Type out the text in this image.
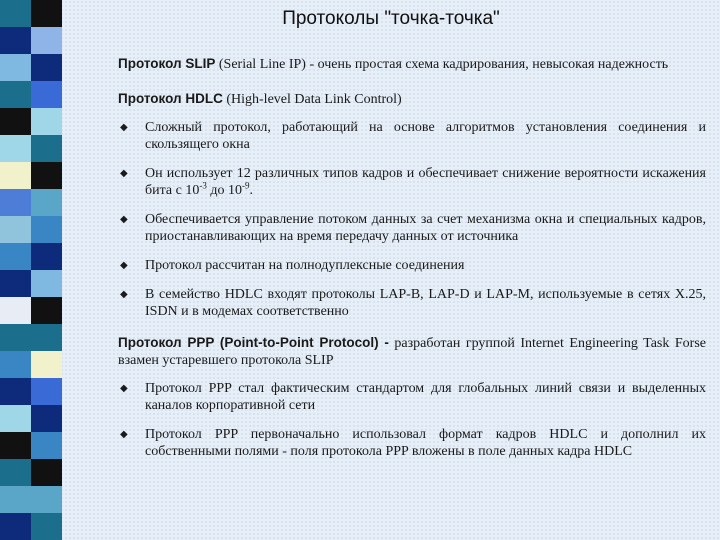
Протоколы "точка-точка"

Протокол SLIP (Serial Line IP) - очень простая схема кадрирования, невысокая надежность

Протокол HDLC (High-level Data Link Control)

◆ Сложный протокол, работающий на основе алгоритмов установления соединения и скользящего окна
◆ Он использует 12 различных типов кадров и обеспечивает снижение вероятности искажения бита с $10^{-3}$ до $10^{-9}$.
◆ Обеспечивается управление потоком данных за счет механизма окна и специальных кадров, приостанавливающих на время передачу данных от источника
◆ Протокол рассчитан на полнодуплексные соединения
◆ В семейство HDLC входят протоколы LAP-B, LAP-D и LAP-M, используемые в сетях X.25, ISDN и в модемах соответственно

Протокол PPP (Point-to-Point Protocol) - разработан группой Internet Engineering Task Forse взамен устаревшего протокола SLIP

◆ Протокол PPP стал фактическим стандартом для глобальных линий связи и выделенных каналов корпоративной сети
◆ Протокол PPP первоначально использовал формат кадров HDLC и дополнил их собственными полями - поля протокола PPP вложены в поле данных кадра HDLC
